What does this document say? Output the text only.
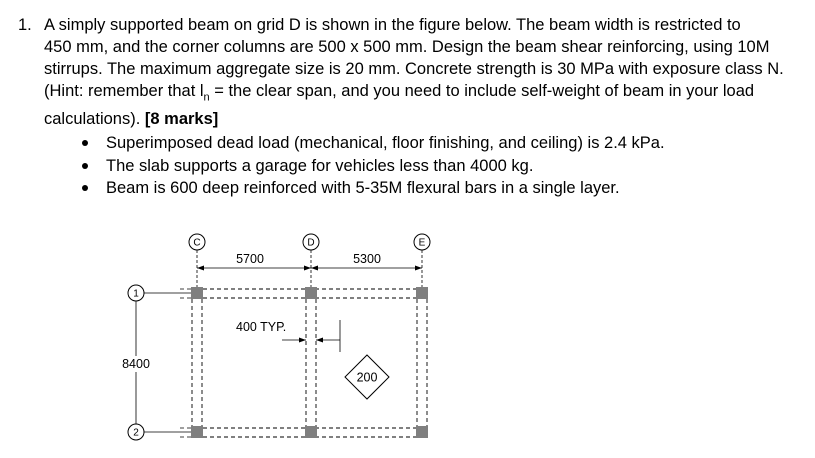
1. A simply supported beam on grid D is shown in the figure below. The beam width is restricted to
450 mm, and the corner columns are 500 x 500 mm. Design the beam shear reinforcing, using 10M
stirrups. The maximum aggregate size is 20 mm. Concrete strength is 30 MPa with exposure class N.
(Hint: remember that $l_n$ = the clear span, and you need to include self-weight of beam in your load
calculations). [8 marks]
Superimposed dead load (mechanical, floor finishing, and ceiling) is 2.4 kPa.
The slab supports a garage for vehicles less than 4000 kg.
Beam is 600 deep reinforced with 5-35M flexural bars in a single layer.
C	D	E
5700	5300
1
2
8400
400 TYP.
200
